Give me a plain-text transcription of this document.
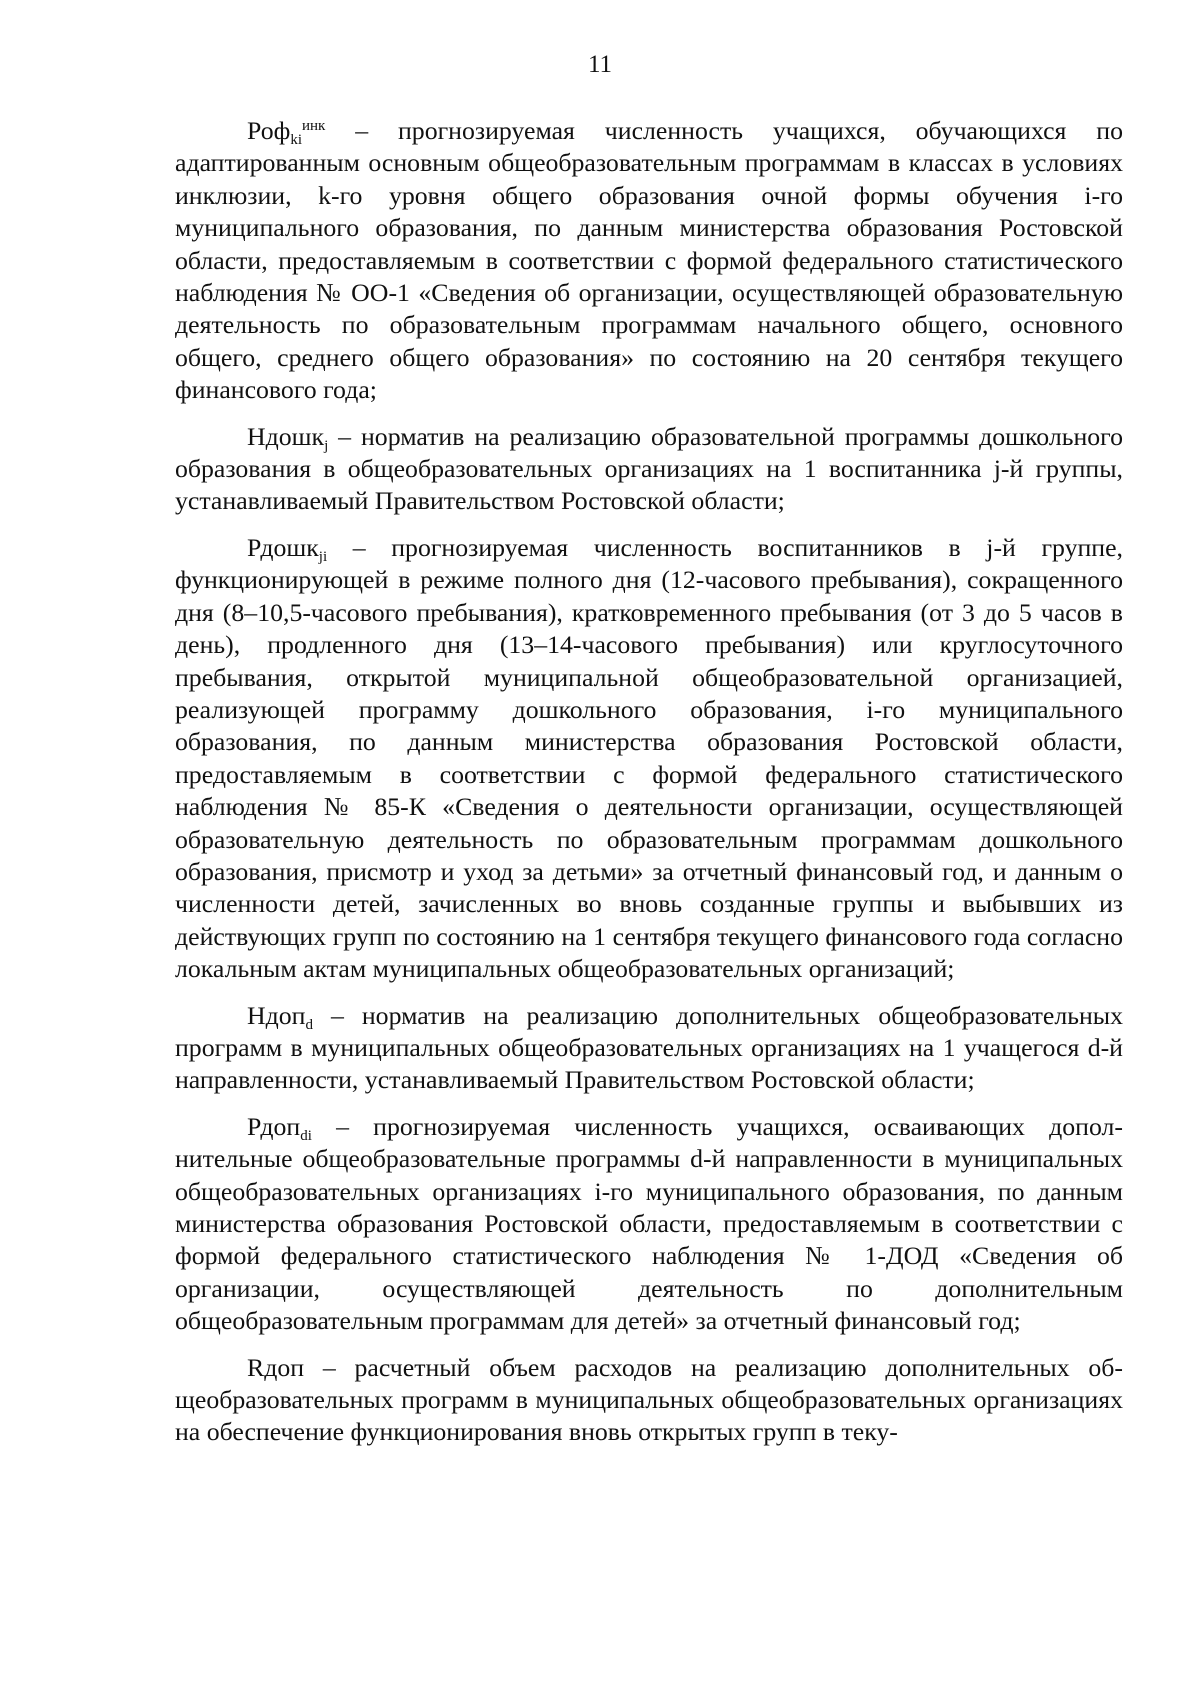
11

Роф$_{ki}^{инк}$ – прогнозируемая численность учащихся, обучающихся по адаптированным основным общеобразовательным программам в классах в условиях инклюзии, k-го уровня общего образования очной формы обучения i-го муниципального образования, по данным министерства образования Ростовской области, предоставляемым в соответствии с формой федерального статистического наблюдения № ОО-1 «Сведения об организации, осуществляющей образовательную деятельность по образовательным программам начального общего, основного общего, среднего общего образования» по состоянию на 20 сентября текущего финансового года;

Ндошк$_j$ – норматив на реализацию образовательной программы дошкольного образования в общеобразовательных организациях на 1 воспитанника j-й группы, устанавливаемый Правительством Ростовской области;

Рдошк$_{ji}$ – прогнозируемая численность воспитанников в j-й группе, функционирующей в режиме полного дня (12-часового пребывания), сокращенного дня (8–10,5-часового пребывания), кратковременного пребывания (от 3 до 5 часов в день), продленного дня (13–14-часового пребывания) или круглосуточного пребывания, открытой муниципальной общеобразовательной организацией, реализующей программу дошкольного образования, i-го муниципального образования, по данным министерства образования Ростовской области, предоставляемым в соответствии с формой федерального статистического наблюдения № 85-К «Сведения о деятельности организации, осуществляющей образовательную деятельность по образовательным программам дошкольного образования, присмотр и уход за детьми» за отчетный финансовый год, и данным о численности детей, зачисленных во вновь созданные группы и выбывших из действующих групп по состоянию на 1 сентября текущего финансового года согласно локальным актам муниципальных общеобразовательных организаций;

Ндоп$_d$ – норматив на реализацию дополнительных общеобразовательных программ в муниципальных общеобразовательных организациях на 1 учащегося d-й направленности, устанавливаемый Правительством Ростовской области;

Рдоп$_{di}$ – прогнозируемая численность учащихся, осваивающих дополнительные общеобразовательные программы d-й направленности в муниципальных общеобразовательных организациях i-го муниципального образования, по данным министерства образования Ростовской области, предоставляемым в соответствии с формой федерального статистического наблюдения № 1-ДОД «Сведения об организации, осуществляющей деятельность по дополнительным общеобразовательным программам для детей» за отчетный финансовый год;

Rдоп – расчетный объем расходов на реализацию дополнительных общеобразовательных программ в муниципальных общеобразовательных организациях на обеспечение функционирования вновь открытых групп в теку-
